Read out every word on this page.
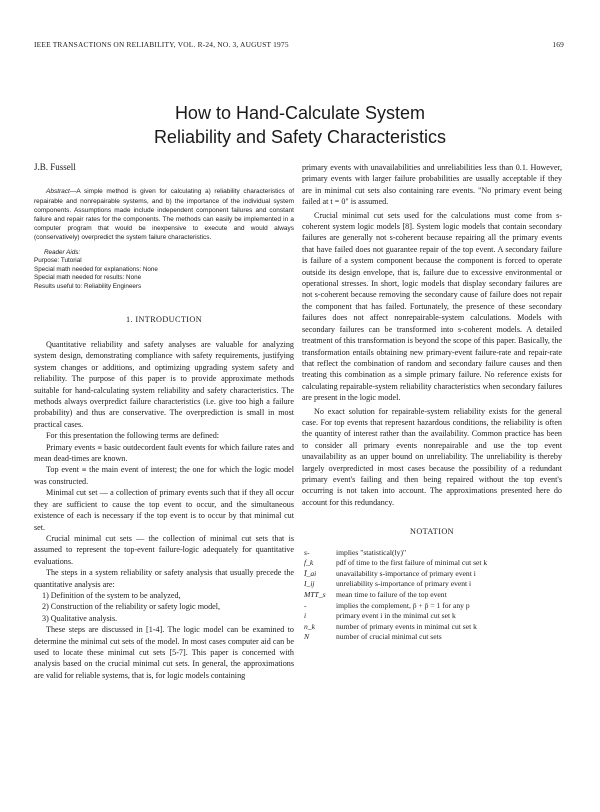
IEEE TRANSACTIONS ON RELIABILITY, VOL. R-24, NO. 3, AUGUST 1975	169
How to Hand-Calculate System
Reliability and Safety Characteristics
J.B. Fussell

Abstract—A simple method is given for calculating a) reliability characteristics of repairable and nonrepairable systems, and b) the importance of the individual system components. Assumptions made include independent component failures and constant failure and repair rates for the components. The methods can easily be implemented in a computer program that would be inexpensive to execute and would always (conservatively) overpredict the system failure characteristics.

Reader Aids:
Purpose: Tutorial
Special math needed for explanations: None
Special math needed for results: None
Results useful to: Reliability Engineers
1. INTRODUCTION

Quantitative reliability and safety analyses are valuable for analyzing system design, demonstrating compliance with safety requirements, justifying system changes or additions, and optimizing upgrading system safety and reliability. The purpose of this paper is to provide approximate methods suitable for hand-calculating system reliability and safety characteristics. The methods always overpredict failure characteristics (i.e. give too high a failure probability) and thus are conservative. The overprediction is small in most practical cases.

For this presentation the following terms are defined:

Primary events ≡ basic outdecordent fault events for which failure rates and mean dead-times are known.

Top event ≡ the main event of interest; the one for which the logic model was constructed.

Minimal cut set — a collection of primary events such that if they all occur they are sufficient to cause the top event to occur, and the simultaneous existence of each is necessary if the top event is to occur by that minimal cut set.

Crucial minimal cut sets — the collection of minimal cut sets that is assumed to represent the top-event failure-logic adequately for quantitative evaluations.

The steps in a system reliability or safety analysis that usually precede the quantitative analysis are:

1) Definition of the system to be analyzed,

2) Construction of the reliability or safety logic model,

3) Qualitative analysis.

These steps are discussed in [1-4]. The logic model can be examined to determine the minimal cut sets of the model. In most cases computer aid can be used to locate these minimal cut sets [5-7]. This paper is concerned with analysis based on the crucial minimal cut sets. In general, the approximations are valid for reliable systems, that is, for logic models containing

primary events with unavailabilities and unreliabilities less than 0.1. However, primary events with larger failure probabilities are usually acceptable if they are in minimal cut sets also containing rare events. "No primary event being failed at t = 0" is assumed.

Crucial minimal cut sets used for the calculations must come from s-coherent system logic models [8]. System logic models that contain secondary failures are generally not s-coherent because repairing all the primary events that have failed does not guarantee repair of the top event. A secondary failure is failure of a system component because the component is forced to operate outside its design envelope, that is, failure due to excessive environmental or operational stresses. In short, logic models that display secondary failures are not s-coherent because removing the secondary cause of failure does not repair the component that has failed. Fortunately, the presence of these secondary failures does not affect nonrepairable-system calculations. Models with secondary failures can be transformed into s-coherent models. A detailed treatment of this transformation is beyond the scope of this paper. Basically, the transformation entails obtaining new primary-event failure-rate and repair-rate that reflect the combination of random and secondary failure causes and then treating this combination as a simple primary failure. No reference exists for calculating repairable-system reliability characteristics when secondary failures are present in the logic model.

No exact solution for repairable-system reliability exists for the general case. For top events that represent hazardous conditions, the reliability is often the quantity of interest rather than the availability. Common practice has been to consider all primary events nonrepairable and use the top event unavailability as an upper bound on unreliability. The unreliability is thereby largely overpredicted in most cases because the possibility of a redundant primary event's failing and then being repaired without the top event's occurring is not taken into account. The approximations presented here do account for this redundancy.

NOTATION
s-	implies "statistical(ly)"
f_k	pdf of time to the first failure of minimal cut set k
Ī_ai	unavailability s-importance of primary event i
I_ij	unreliability s-importance of primary event i
MTT_s	mean time to failure of the top event
-	implies the complement, p̄ + p̄ = 1 for any p
i	primary event i in the minimal cut set k
n_k	number of primary events in minimal cut set k
N	number of crucial minimal cut sets
